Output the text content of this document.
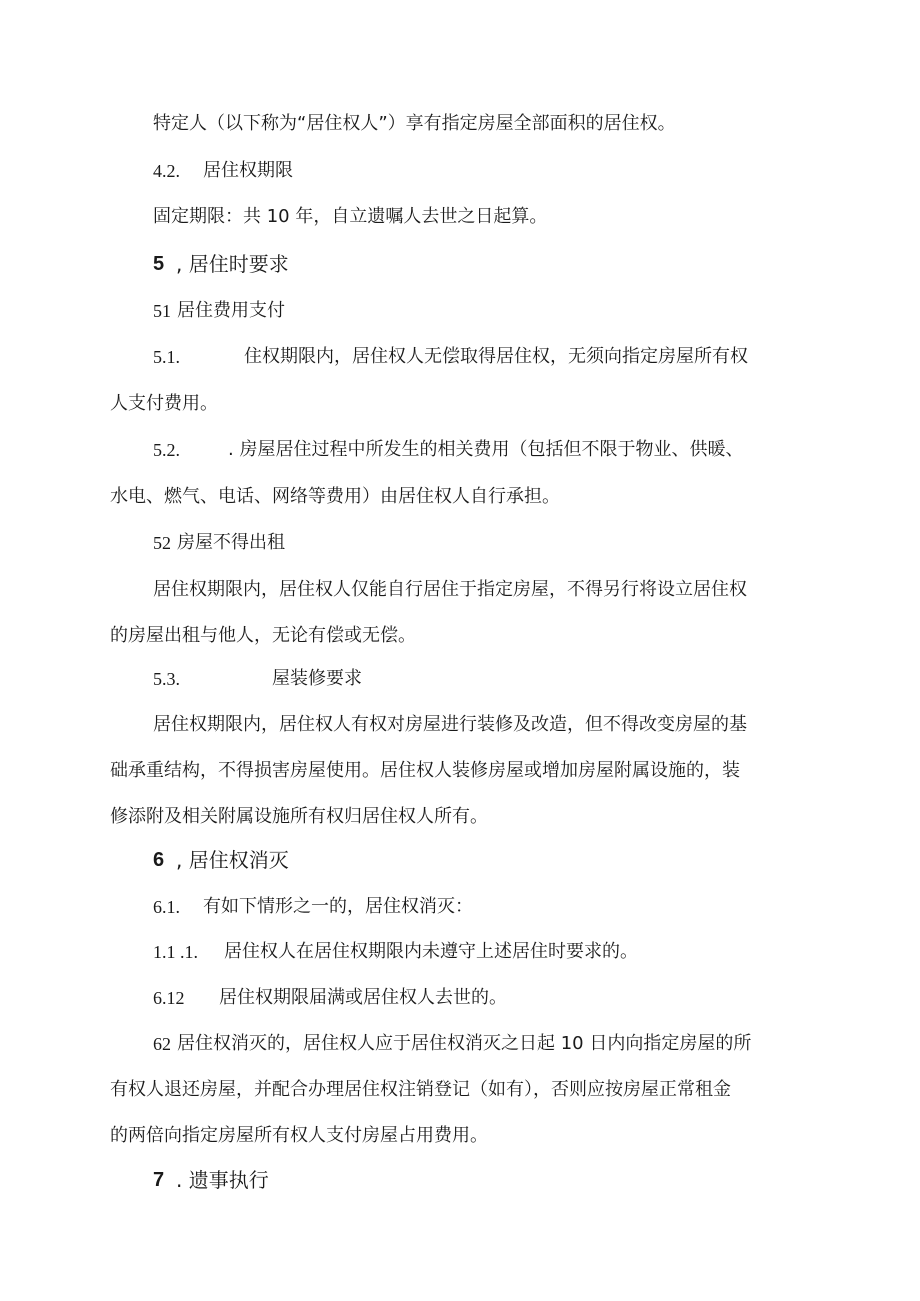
特定人（以下称为“居住权人”）享有指定房屋全部面积的居住权。
4.2. 居住权期限
固定期限：共 10 年，自立遗嘱人去世之日起算。
5 , 居住时要求
51 居住费用支付
5.1.	住权期限内，居住权人无偿取得居住权，无须向指定房屋所有权
人支付费用。
5.2.	. 房屋居住过程中所发生的相关费用（包括但不限于物业、供暖、
水电、燃气、电话、网络等费用）由居住权人自行承担。
52 房屋不得出租
居住权期限内，居住权人仅能自行居住于指定房屋，不得另行将设立居住权
的房屋出租与他人，无论有偿或无偿。
5.3.	屋装修要求
居住权期限内，居住权人有权对房屋进行装修及改造，但不得改变房屋的基
础承重结构，不得损害房屋使用。居住权人装修房屋或增加房屋附属设施的，装
修添附及相关附属设施所有权归居住权人所有。
6 , 居住权消灭
6.1. 有如下情形之一的，居住权消灭：
1.1 .1. 居住权人在居住权期限内未遵守上述居住时要求的。
6.12 居住权期限届满或居住权人去世的。
62 居住权消灭的，居住权人应于居住权消灭之日起 10 日内向指定房屋的所
有权人退还房屋，并配合办理居住权注销登记（如有），否则应按房屋正常租金
的两倍向指定房屋所有权人支付房屋占用费用。
7 . 遗事执行
